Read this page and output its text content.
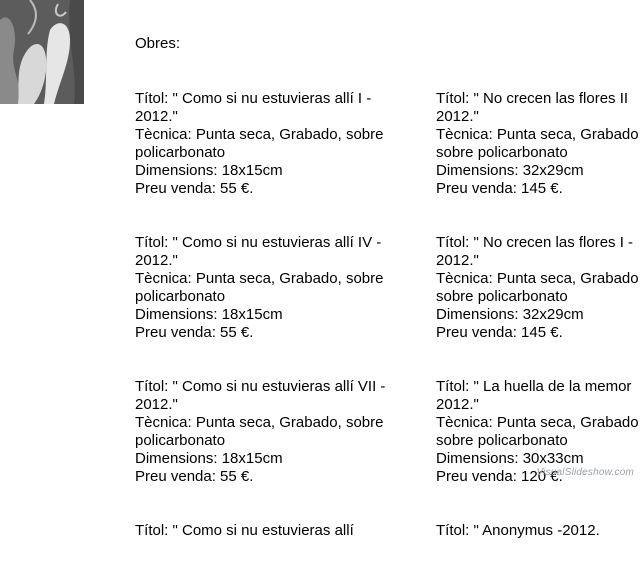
Obres:
Títol: " Como si nu estuvieras allí I - 2012."
Tècnica: Punta seca, Grabado, sobre policarbonato
Dimensions: 18x15cm
Preu venda: 55 €.
Títol: " Como si nu estuvieras allí IV - 2012."
Tècnica: Punta seca, Grabado, sobre policarbonato
Dimensions: 18x15cm
Preu venda: 55 €.
Títol: " Como si nu estuvieras allí VII - 2012."
Tècnica: Punta seca, Grabado, sobre policarbonato
Dimensions: 18x15cm
Preu venda: 55 €.
Títol: " Como si nu estuvieras allí
Títol: " No crecen las flores II
2012."
Tècnica: Punta seca, Grabado
sobre policarbonato
Dimensions: 32x29cm
Preu venda: 145 €.
Títol: " No crecen las flores I -
2012."
Tècnica: Punta seca, Grabado
sobre policarbonato
Dimensions: 32x29cm
Preu venda: 145 €.
Títol: " La huella de la memor
2012."
Tècnica: Punta seca, Grabado
sobre policarbonato
Dimensions: 30x33cm
Preu venda: 120 €.
Títol: " Anonymus -2012.
VisualSlideshow.com
